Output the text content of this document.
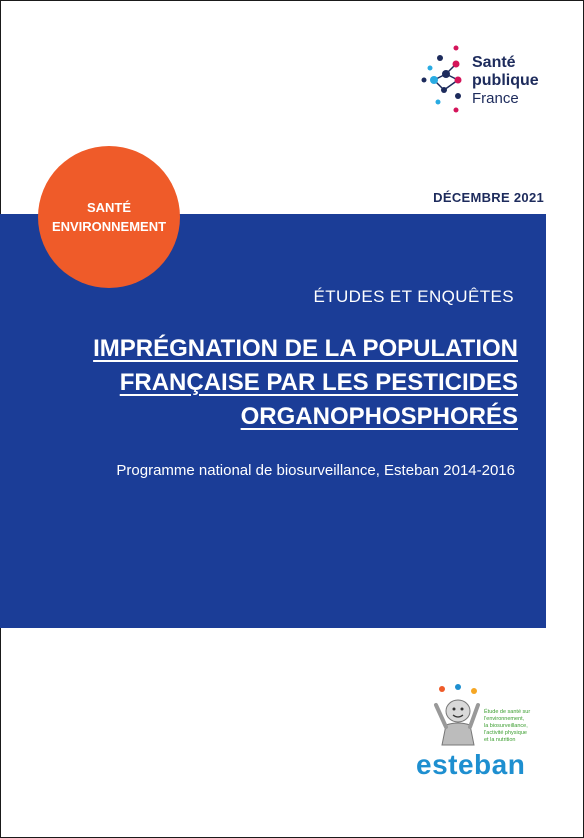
Santé
publique
France
DÉCEMBRE 2021
SANTÉ
ENVIRONNEMENT
ÉTUDES ET ENQUÊTES
IMPRÉGNATION DE LA POPULATION
FRANÇAISE PAR LES PESTICIDES
ORGANOPHOSPHORÉS
Programme national de biosurveillance, Esteban 2014-2016
Étude de santé sur
l'environnement,
la biosurveillance,
l'activité physique
et la nutrition
esteban
